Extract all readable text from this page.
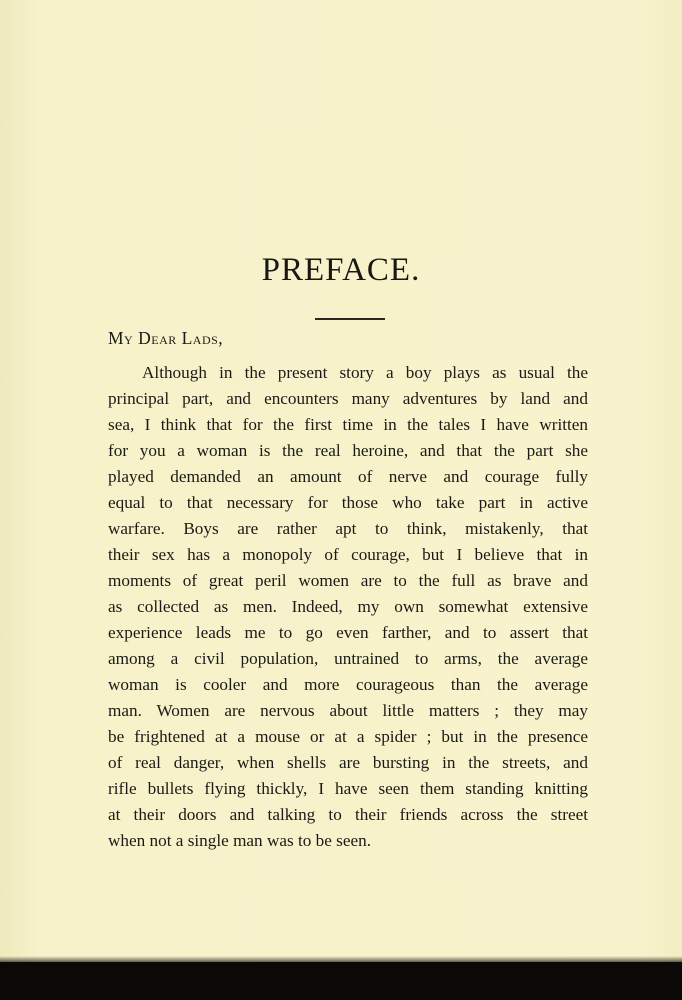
PREFACE.

My Dear Lads,

Although in the present story a boy plays as usual the
principal part, and encounters many adventures by land and
sea, I think that for the first time in the tales I have written
for you a woman is the real heroine, and that the part she
played demanded an amount of nerve and courage fully
equal to that necessary for those who take part in active
warfare. Boys are rather apt to think, mistakenly, that
their sex has a monopoly of courage, but I believe that in
moments of great peril women are to the full as brave and
as collected as men. Indeed, my own somewhat extensive
experience leads me to go even farther, and to assert that
among a civil population, untrained to arms, the average
woman is cooler and more courageous than the average
man. Women are nervous about little matters ; they may
be frightened at a mouse or at a spider ; but in the presence
of real danger, when shells are bursting in the streets, and
rifle bullets flying thickly, I have seen them standing knitting
at their doors and talking to their friends across the street
when not a single man was to be seen.
